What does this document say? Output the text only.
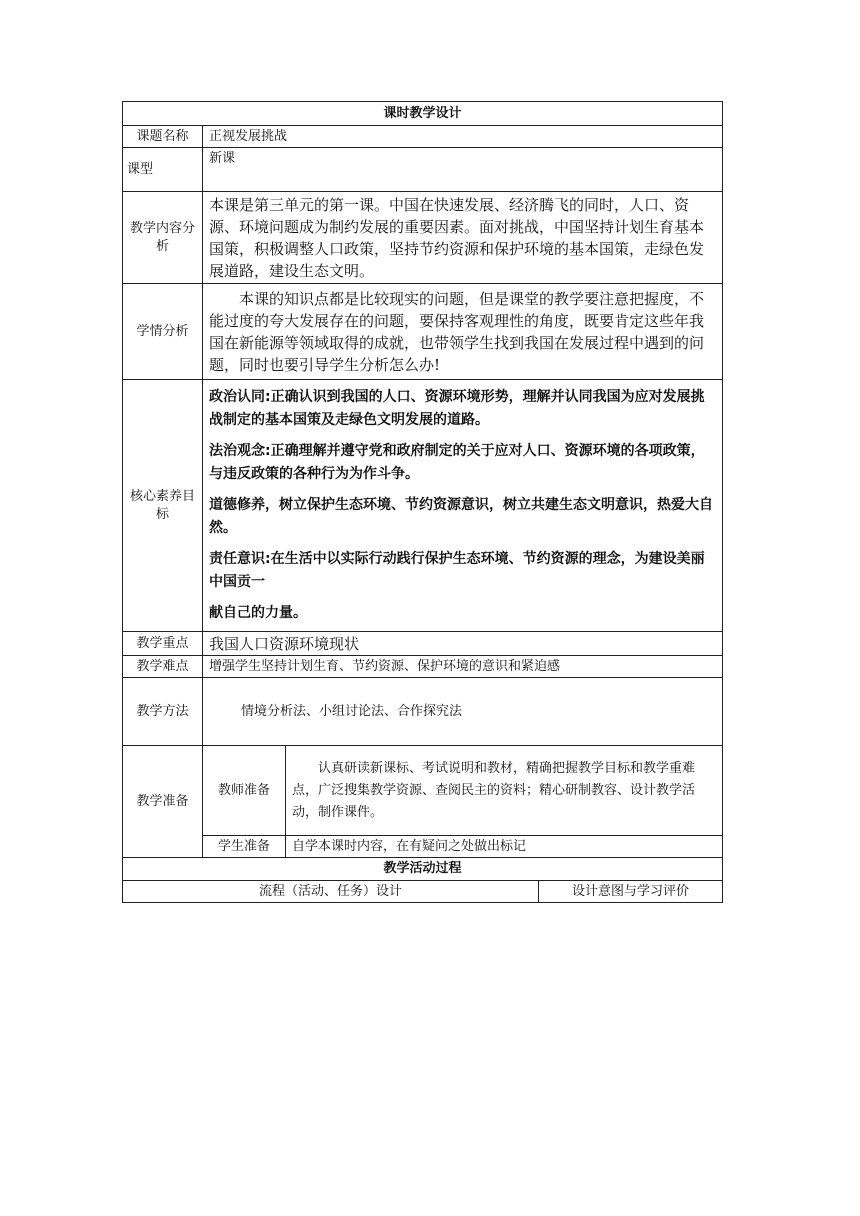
课时教学设计			
课题名称	正视发展挑战		
课型	新课		
教学内容分析	本课是第三单元的第一课。中国在快速发展、经济腾飞的同时，人口、资源、环境问题成为制约发展的重要因素。面对挑战，中国坚持计划生育基本国策，积极调整人口政策，坚持节约资源和保护环境的基本国策，走绿色发展道路，建设生态文明。		
学情分析	本课的知识点都是比较现实的问题，但是课堂的教学要注意把握度，不能过度的夸大发展存在的问题，要保持客观理性的角度，既要肯定这些年我国在新能源等领域取得的成就，也带领学生找到我国在发展过程中遇到的问题，同时也要引导学生分析怎么办!		
核心素养目标	政治认同:正确认识到我国的人口、资源环境形势，理解并认同我国为应对发展挑战制定的基本国策及走绿色文明发展的道路。

法治观念:正确理解并遵守党和政府制定的关于应对人口、资源环境的各项政策，与违反政策的各种行为为作斗争。

道德修养，树立保护生态环境、节约资源意识，树立共建生态文明意识，热爱大自然。

责任意识:在生活中以实际行动践行保护生态环境、节约资源的理念，为建设美丽中国贡一

献自己的力量。		

教学重点	我国人口资源环境现状		
教学难点	增强学生坚持计划生育、节约资源、保护环境的意识和紧迫感		
教学方法	情境分析法、小组讨论法、合作探究法		
教学准备	教师准备	认真研读新课标、考试说明和教材，精确把握教学目标和教学重难点，广泛搜集教学资源、查阅民主的资料；精心研制教容、设计教学活动，制作课件。	
	学生准备	自学本课时内容，在有疑问之处做出标记	
教学活动过程			
流程（活动、任务）设计			设计意图与学习评价
